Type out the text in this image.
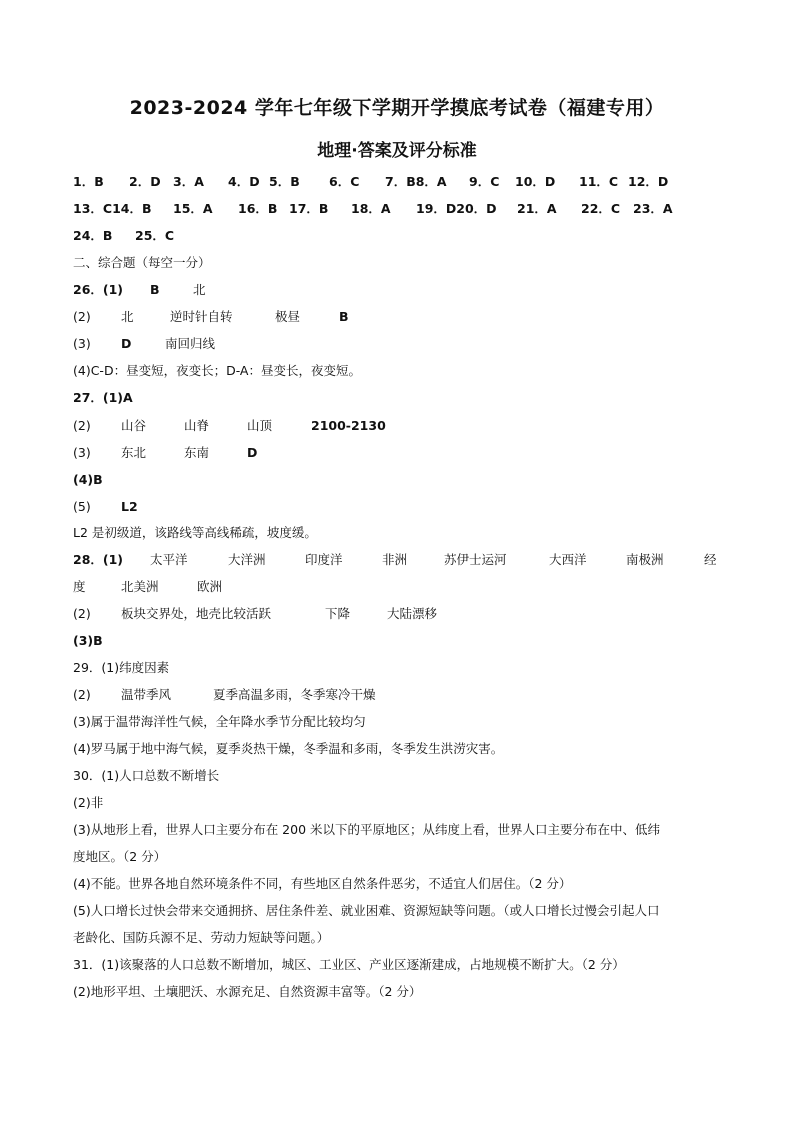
2023-2024 学年七年级下学期开学摸底考试卷（福建专用）
地理·答案及评分标准
1．B 2．D 3．A 4．D 5．B 6．C 7．B8．A 9．C 10．D 11．C 12．D
13．C14．B 15．A 16．B 17．B 18．A 19．D20．D 21．A 22．C 23．A
24．B 25．C
二、综合题（每空一分）
26．(1) B	北
(2) 北	逆时针自转	极昼	B
(3) D	南回归线
(4)C-D：昼变短，夜变长；D-A：昼变长，夜变短。
27．(1)A
(2) 山谷	山脊	山顶	2100-2130
(3) 东北	东南	D
(4)B
(5) L2
L2 是初级道，该路线等高线稀疏，坡度缓。
28．(1) 太平洋	大洋洲	印度洋	非洲	苏伊士运河	大西洋	南极洲	经
度	北美洲	欧洲
(2) 板块交界处，地壳比较活跃	下降	大陆漂移
(3)B
29．(1)纬度因素
(2) 温带季风	夏季高温多雨，冬季寒冷干燥
(3)属于温带海洋性气候，全年降水季节分配比较均匀
(4)罗马属于地中海气候，夏季炎热干燥，冬季温和多雨，冬季发生洪涝灾害。
30．(1)人口总数不断增长
(2)非
(3)从地形上看，世界人口主要分布在 200 米以下的平原地区；从纬度上看，世界人口主要分布在中、低纬
度地区。（2 分）
(4)不能。世界各地自然环境条件不同，有些地区自然条件恶劣，不适宜人们居住。（2 分）
(5)人口增长过快会带来交通拥挤、居住条件差、就业困难、资源短缺等问题。（或人口增长过慢会引起人口
老龄化、国防兵源不足、劳动力短缺等问题。）
31．(1)该聚落的人口总数不断增加，城区、工业区、产业区逐渐建成，占地规模不断扩大。（2 分）
(2)地形平坦、土壤肥沃、水源充足、自然资源丰富等。（2 分）
